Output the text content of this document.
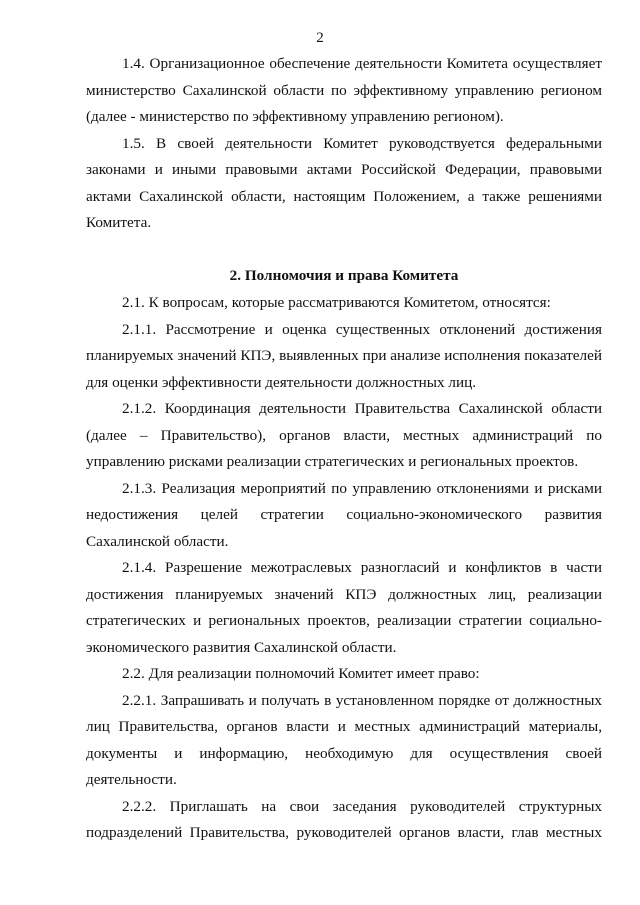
2

1.4. Организационное обеспечение деятельности Комитета осуществляет министерство Сахалинской области по эффективному управлению регионом (далее - министерство по эффективному управлению регионом).

1.5. В своей деятельности Комитет руководствуется федеральными законами и иными правовыми актами Российской Федерации, правовыми актами Сахалинской области, настоящим Положением, а также решениями Комитета.

2. Полномочия и права Комитета

2.1. К вопросам, которые рассматриваются Комитетом, относятся:

2.1.1. Рассмотрение и оценка существенных отклонений достижения планируемых значений КПЭ, выявленных при анализе исполнения показателей для оценки эффективности деятельности должностных лиц.

2.1.2. Координация деятельности Правительства Сахалинской области (далее – Правительство), органов власти, местных администраций по управлению рисками реализации стратегических и региональных проектов.

2.1.3. Реализация мероприятий по управлению отклонениями и рисками недостижения целей стратегии социально-экономического развития Сахалинской области.

2.1.4. Разрешение межотраслевых разногласий и конфликтов в части достижения планируемых значений КПЭ должностных лиц, реализации стратегических и региональных проектов, реализации стратегии социально-экономического развития Сахалинской области.

2.2. Для реализации полномочий Комитет имеет право:

2.2.1. Запрашивать и получать в установленном порядке от должностных лиц Правительства, органов власти и местных администраций материалы, документы и информацию, необходимую для осуществления своей деятельности.

2.2.2. Приглашать на свои заседания руководителей структурных подразделений Правительства, руководителей органов власти, глав местных
